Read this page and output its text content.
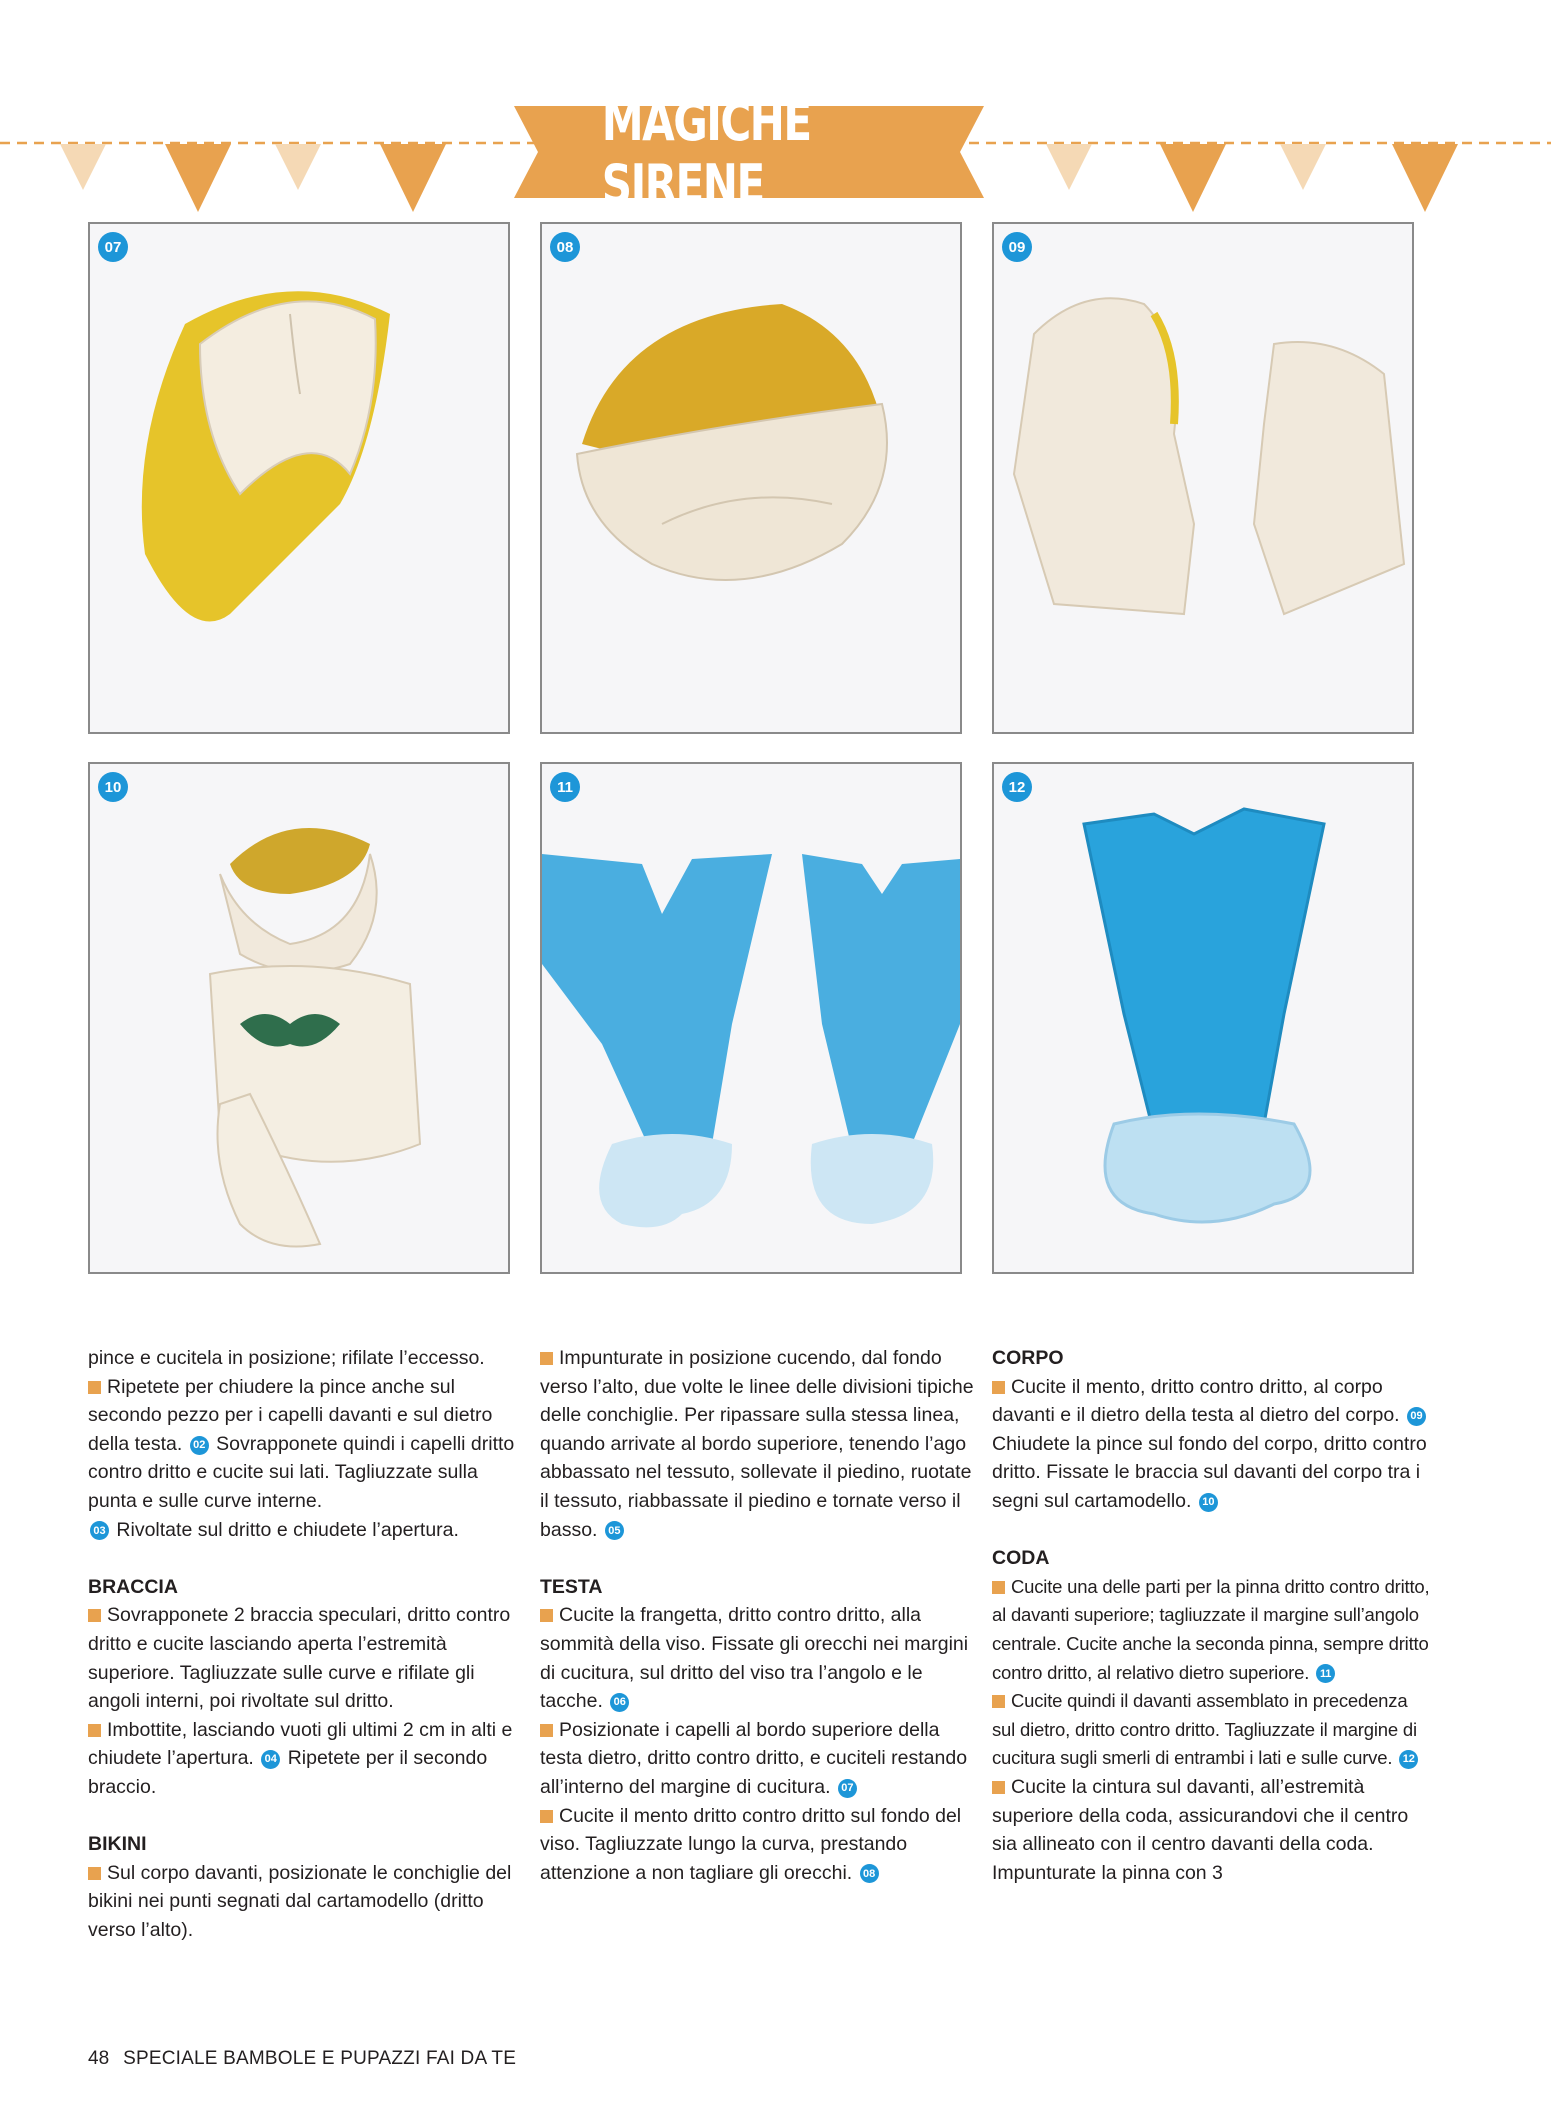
MAGICHE SIRENE
07	08	09
10	11	12

pince e cucitela in posizione; rifilate l’eccesso.

Ripetete per chiudere la pince anche sul secondo pezzo per i capelli davanti e sul dietro della testa. 02 Sovrapponete quindi i capelli dritto contro dritto e cucite sui lati. Tagliuzzate sulla punta e sulle curve interne.
03 Rivoltate sul dritto e chiudete l’apertura.

BRACCIA

Sovrapponete 2 braccia speculari, dritto contro dritto e cucite lasciando aperta l’estremità superiore. Tagliuzzate sulle curve e rifilate gli angoli interni, poi rivoltate sul dritto.

Imbottite, lasciando vuoti gli ultimi 2 cm in alti e chiudete l’apertura. 04 Ripetete per il secondo braccio.

BIKINI

Sul corpo davanti, posizionate le conchiglie del bikini nei punti segnati dal cartamodello (dritto verso l’alto).

Impunturate in posizione cucendo, dal fondo verso l’alto, due volte le linee delle divisioni tipiche delle conchiglie. Per ripassare sulla stessa linea, quando arrivate al bordo superiore, tenendo l’ago abbassato nel tessuto, sollevate il piedino, ruotate il tessuto, riabbassate il piedino e tornate verso il basso. 05

TESTA

Cucite la frangetta, dritto contro dritto, alla sommità della viso. Fissate gli orecchi nei margini di cucitura, sul dritto del viso tra l’angolo e le tacche. 06

Posizionate i capelli al bordo superiore della testa dietro, dritto contro dritto, e cuciteli restando all’interno del margine di cucitura. 07

Cucite il mento dritto contro dritto sul fondo del viso. Tagliuzzate lungo la curva, prestando attenzione a non tagliare gli orecchi. 08

CORPO

Cucite il mento, dritto contro dritto, al corpo davanti e il dietro della testa al dietro del corpo. 09 Chiudete la pince sul fondo del corpo, dritto contro dritto. Fissate le braccia sul davanti del corpo tra i segni sul cartamodello. 10

CODA

Cucite una delle parti per la pinna dritto contro dritto, al davanti superiore; tagliuzzate il margine sull’angolo centrale. Cucite anche la seconda pinna, sempre dritto contro dritto, al relativo dietro superiore. 11

Cucite quindi il davanti assemblato in precedenza sul dietro, dritto contro dritto. Tagliuzzate il margine di cucitura sugli smerli di entrambi i lati e sulle curve. 12

Cucite la cintura sul davanti, all’estremità superiore della coda, assicurandovi che il centro sia allineato con il centro davanti della coda. Impunturate la pinna con 3

48 SPECIALE BAMBOLE E PUPAZZI FAI DA TE
